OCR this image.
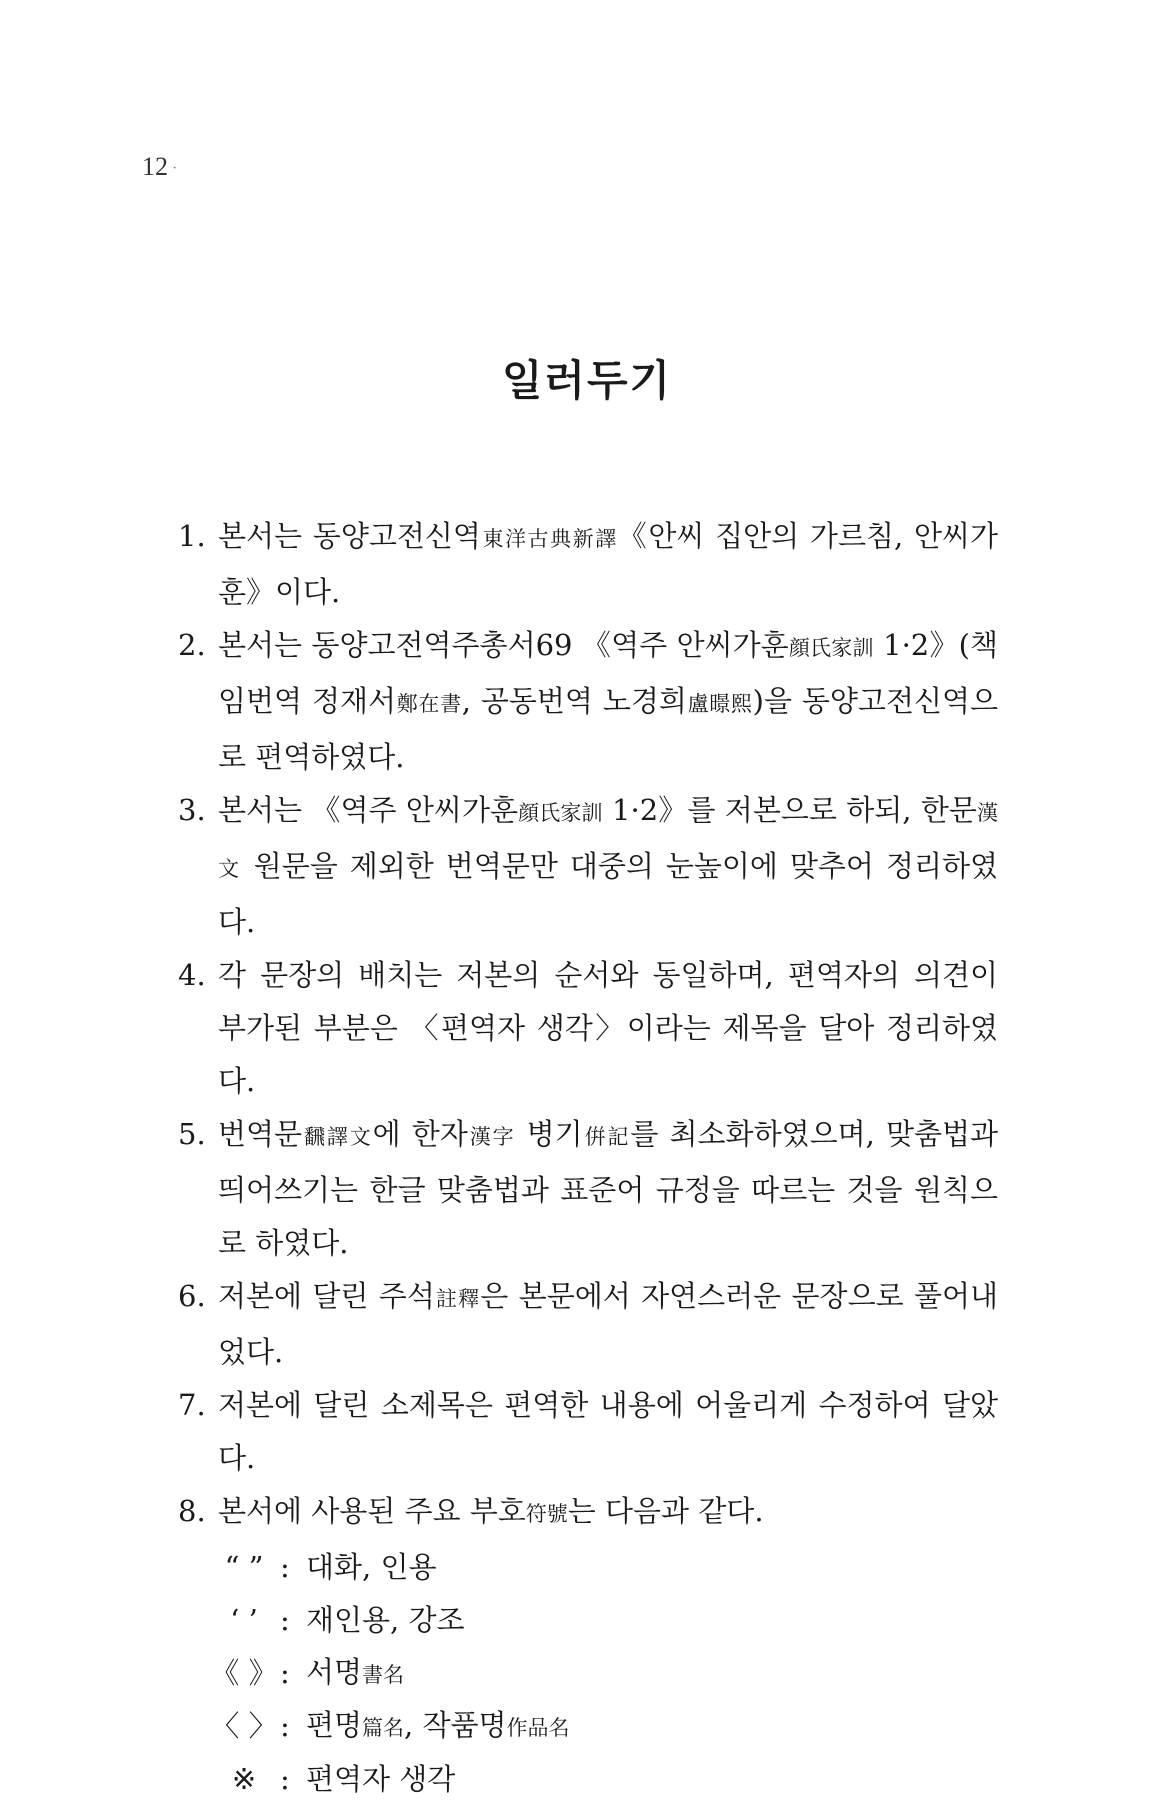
12 ·
일러두기
1. 본서는 동양고전신역東洋古典新譯《안씨 집안의 가르침, 안씨가훈》이다.
2. 본서는 동양고전역주총서69 《역주 안씨가훈顔氏家訓 1·2》(책임번역 정재서鄭在書, 공동번역 노경희盧暻熙)을 동양고전신역으로 편역하였다.
3. 본서는 《역주 안씨가훈顔氏家訓 1·2》를 저본으로 하되, 한문漢文 원문을 제외한 번역문만 대중의 눈높이에 맞추어 정리하였다.
4. 각 문장의 배치는 저본의 순서와 동일하며, 편역자의 의견이 부가된 부분은 〈편역자 생각〉이라는 제목을 달아 정리하였다.
5. 번역문飜譯文에 한자漢字 병기倂記를 최소화하였으며, 맞춤법과 띄어쓰기는 한글 맞춤법과 표준어 규정을 따르는 것을 원칙으로 하였다.
6. 저본에 달린 주석註釋은 본문에서 자연스러운 문장으로 풀어내었다.
7. 저본에 달린 소제목은 편역한 내용에 어울리게 수정하여 달았다.
8. 본서에 사용된 주요 부호符號는 다음과 같다.
“ ” : 대화, 인용
‘ ’ : 재인용, 강조
《 》 : 서명書名
〈 〉 : 편명篇名, 작품명作品名
※ : 편역자 생각
